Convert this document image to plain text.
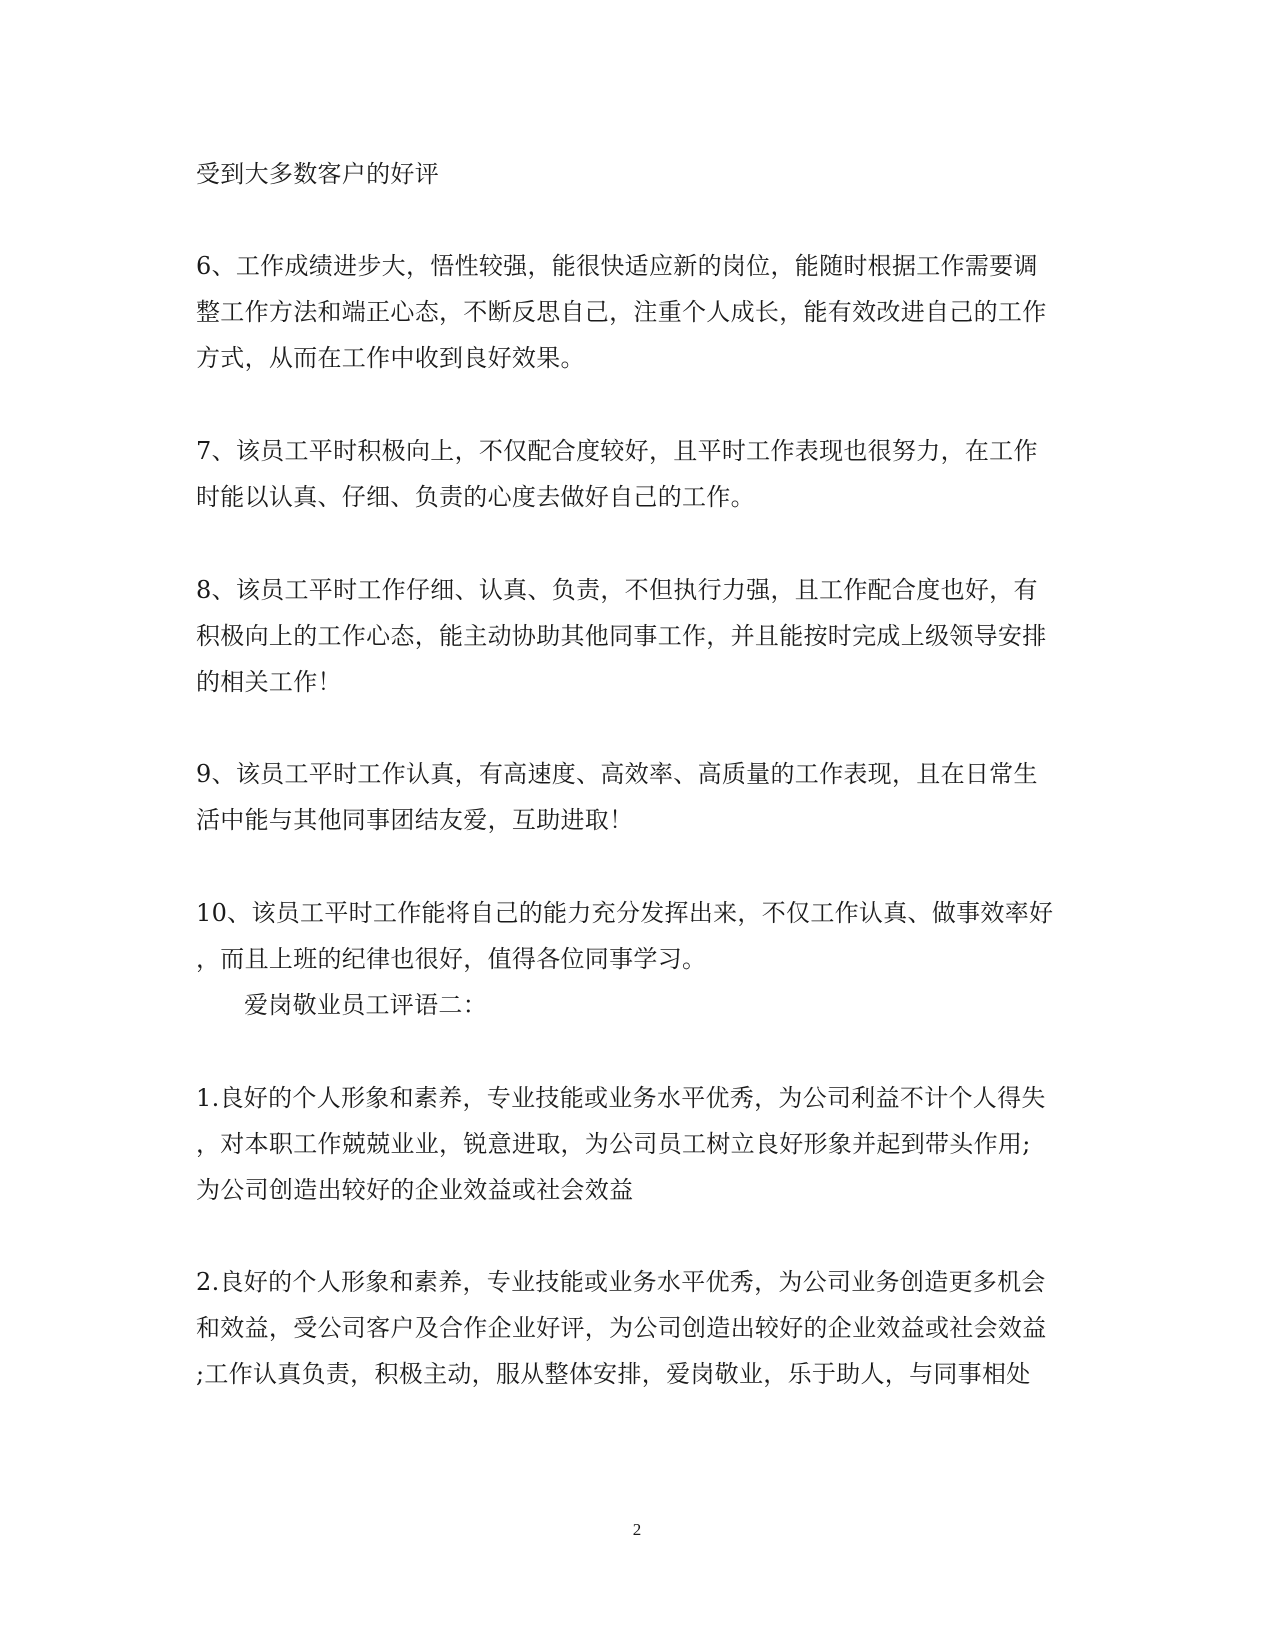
受到大多数客户的好评
6、工作成绩进步大，悟性较强，能很快适应新的岗位，能随时根据工作需要调
整工作方法和端正心态，不断反思自己，注重个人成长，能有效改进自己的工作
方式，从而在工作中收到良好效果。
7、该员工平时积极向上，不仅配合度较好，且平时工作表现也很努力，在工作
时能以认真、仔细、负责的心度去做好自己的工作。
8、该员工平时工作仔细、认真、负责，不但执行力强，且工作配合度也好，有
积极向上的工作心态，能主动协助其他同事工作，并且能按时完成上级领导安排
的相关工作！
9、该员工平时工作认真，有高速度、高效率、高质量的工作表现，且在日常生
活中能与其他同事团结友爱，互助进取！
10、该员工平时工作能将自己的能力充分发挥出来，不仅工作认真、做事效率好
，而且上班的纪律也很好，值得各位同事学习。
爱岗敬业员工评语二：
1.良好的个人形象和素养，专业技能或业务水平优秀，为公司利益不计个人得失
，对本职工作兢兢业业，锐意进取，为公司员工树立良好形象并起到带头作用;
为公司创造出较好的企业效益或社会效益
2.良好的个人形象和素养，专业技能或业务水平优秀，为公司业务创造更多机会
和效益，受公司客户及合作企业好评，为公司创造出较好的企业效益或社会效益
;工作认真负责，积极主动，服从整体安排，爱岗敬业，乐于助人，与同事相处
2
